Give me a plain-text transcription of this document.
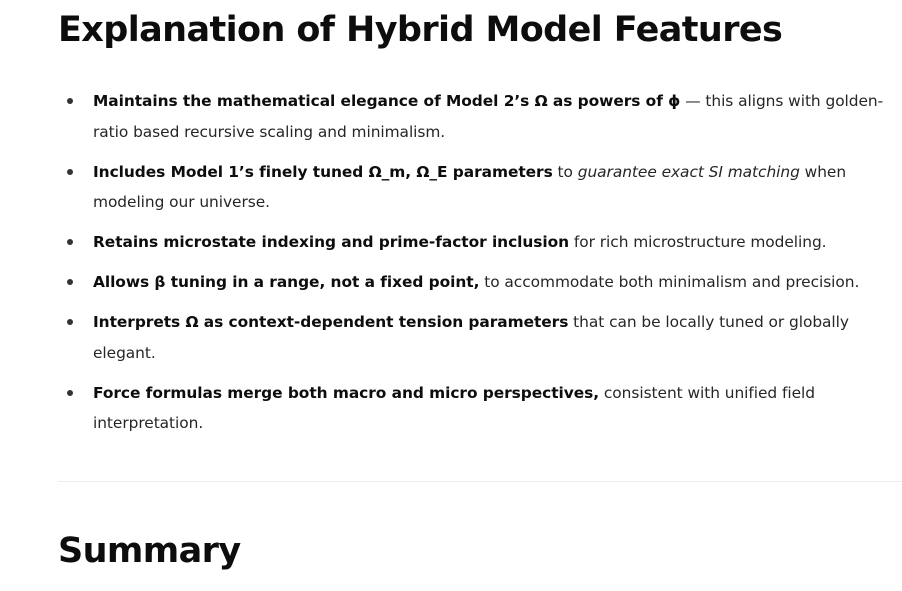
Explanation of Hybrid Model Features
Maintains the mathematical elegance of Model 2’s Ω as powers of ϕ — this aligns with golden-ratio based recursive scaling and minimalism.
Includes Model 1’s finely tuned Ω_m, Ω_E parameters to guarantee exact SI matching when modeling our universe.
Retains microstate indexing and prime-factor inclusion for rich microstructure modeling.
Allows β tuning in a range, not a fixed point, to accommodate both minimalism and precision.
Interprets Ω as context-dependent tension parameters that can be locally tuned or globally elegant.
Force formulas merge both macro and micro perspectives, consistent with unified field interpretation.
Summary
